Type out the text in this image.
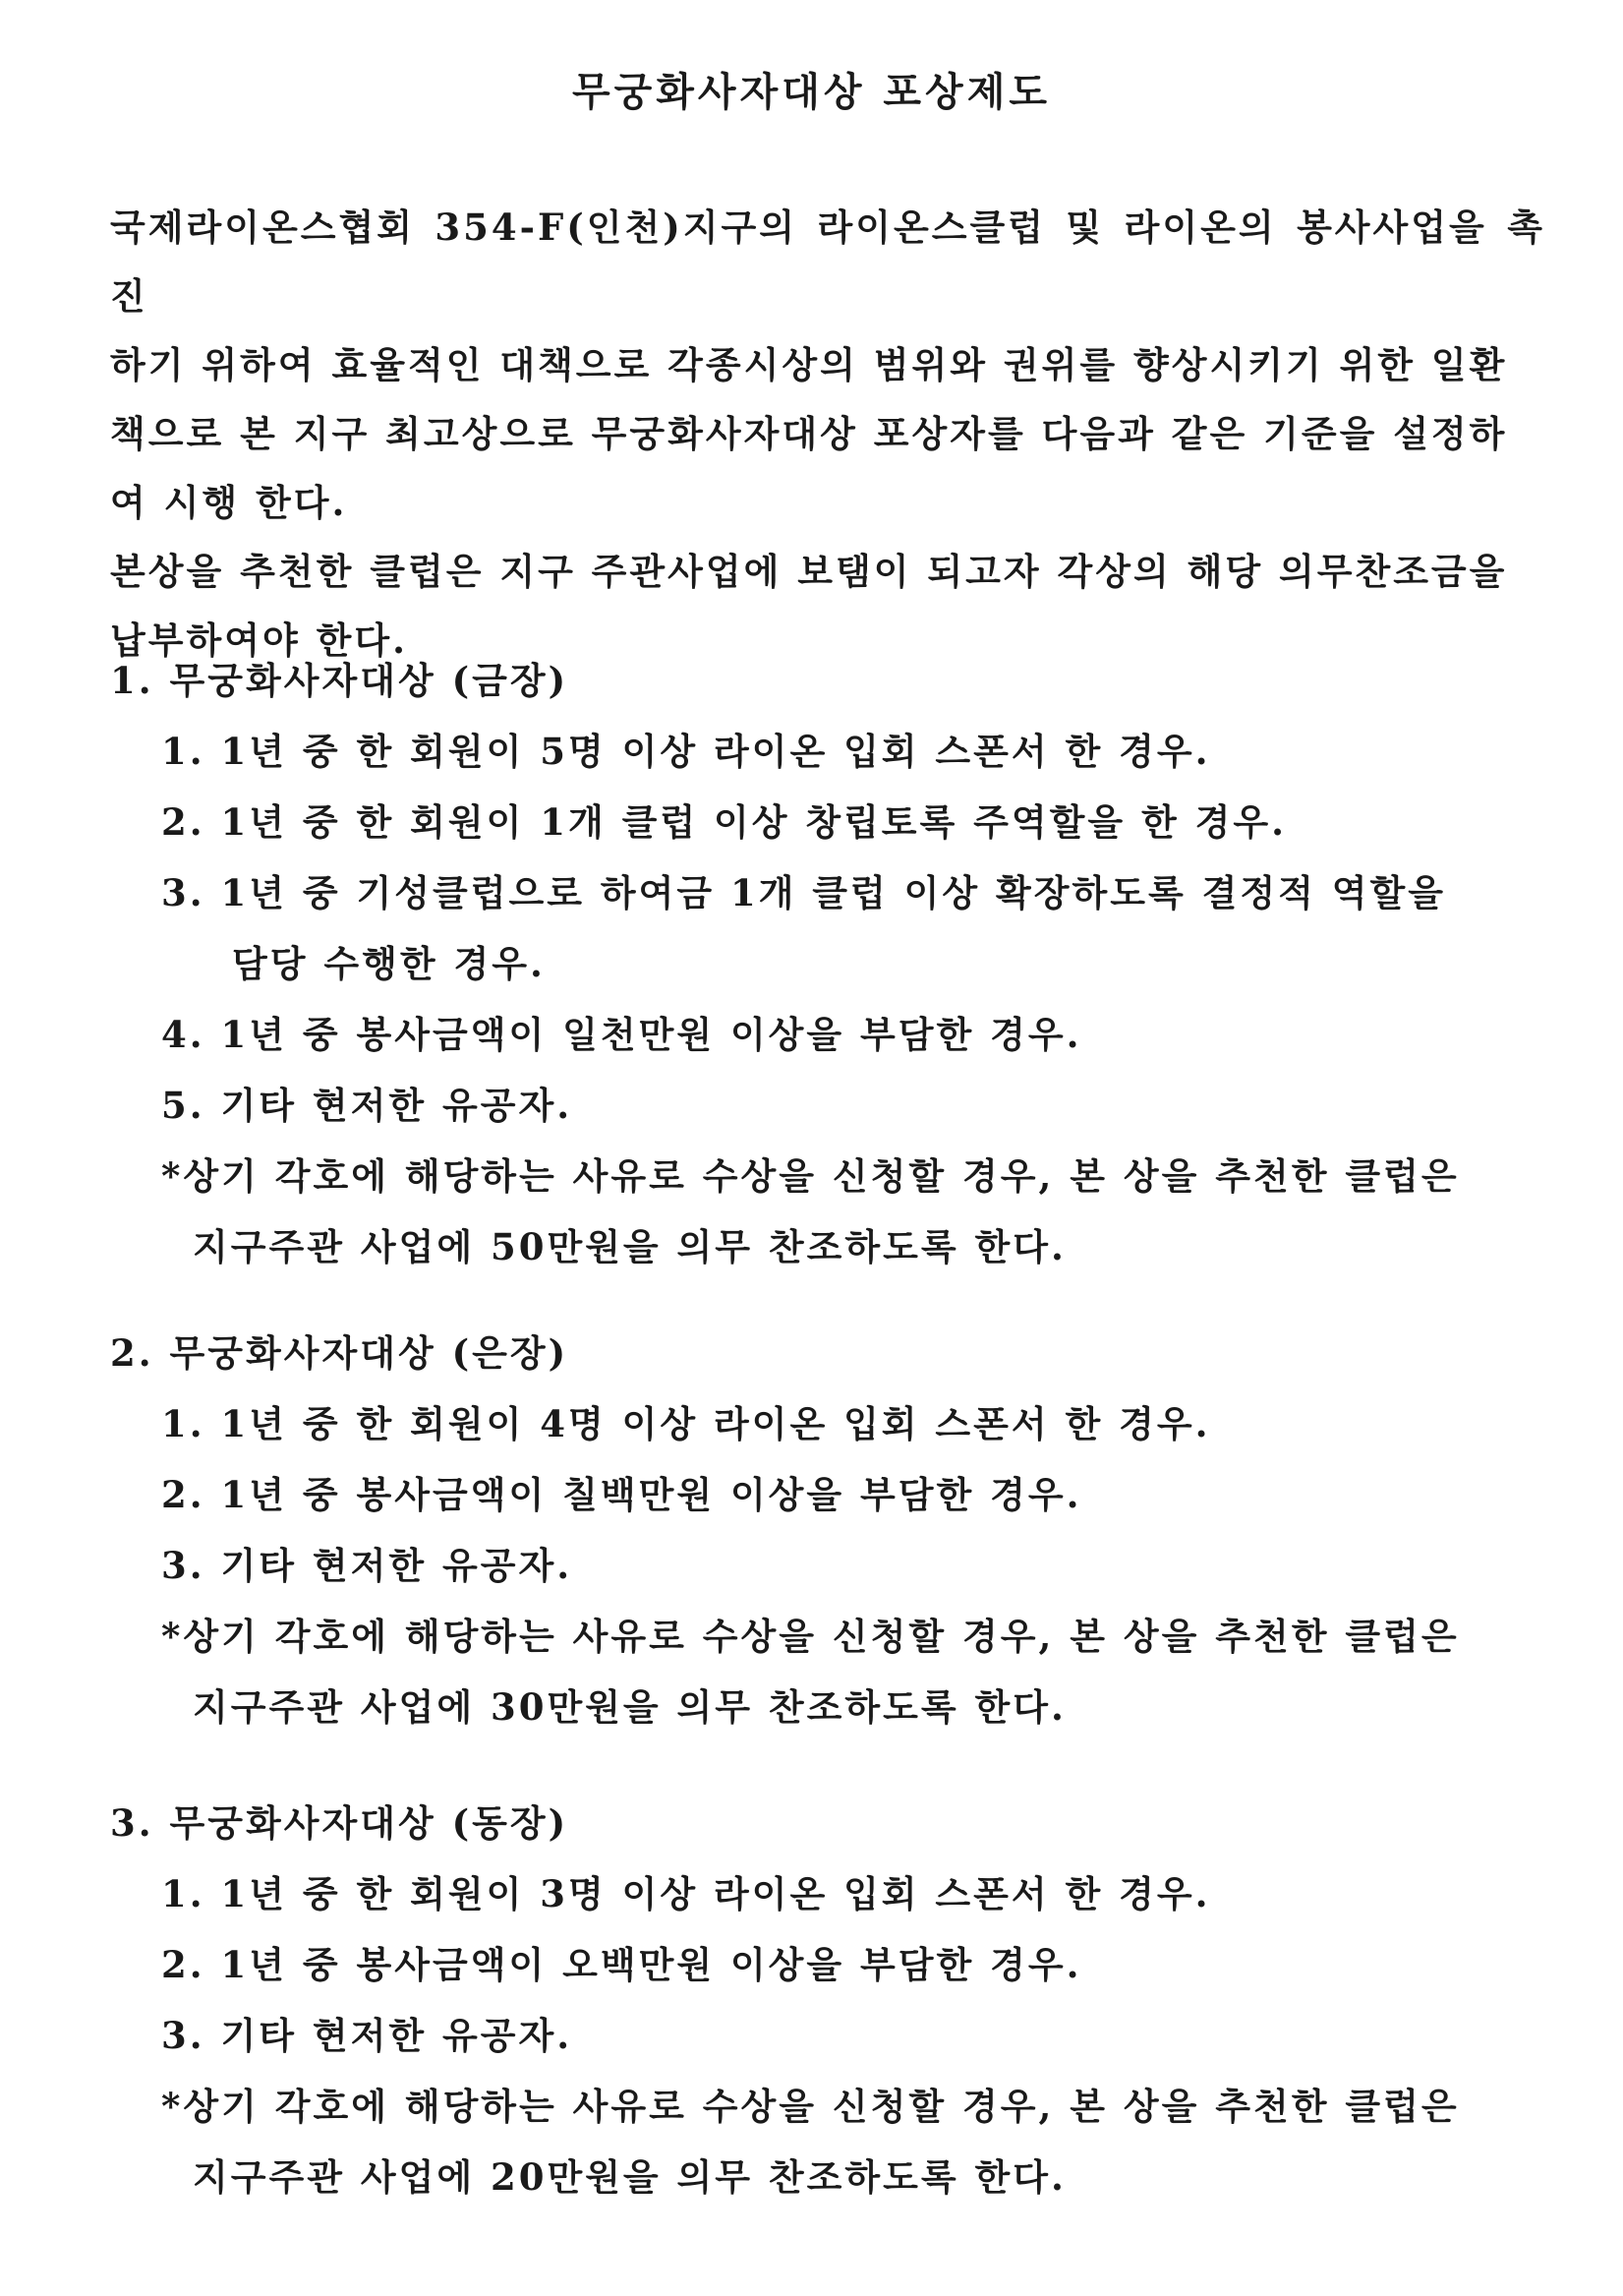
무궁화사자대상 포상제도

국제라이온스협회 354-F(인천)지구의 라이온스클럽 및 라이온의 봉사사업을 촉진

하기 위하여 효율적인 대책으로 각종시상의 범위와 권위를 향상시키기 위한 일환

책으로 본 지구 최고상으로 무궁화사자대상 포상자를 다음과 같은 기준을 설정하

여 시행 한다.

본상을 추천한 클럽은 지구 주관사업에 보탬이 되고자 각상의 해당 의무찬조금을

납부하여야 한다.

1. 무궁화사자대상 (금장)

1. 1년 중 한 회원이 5명 이상 라이온 입회 스폰서 한 경우.

2. 1년 중 한 회원이 1개 클럽 이상 창립토록 주역할을 한 경우.

3. 1년 중 기성클럽으로 하여금 1개 클럽 이상 확장하도록 결정적 역할을

담당 수행한 경우.

4. 1년 중 봉사금액이 일천만원 이상을 부담한 경우.

5. 기타 현저한 유공자.

*상기 각호에 해당하는 사유로 수상을 신청할 경우, 본 상을 추천한 클럽은

지구주관 사업에 50만원을 의무 찬조하도록 한다.

2. 무궁화사자대상 (은장)

1. 1년 중 한 회원이 4명 이상 라이온 입회 스폰서 한 경우.

2. 1년 중 봉사금액이 칠백만원 이상을 부담한 경우.

3. 기타 현저한 유공자.

*상기 각호에 해당하는 사유로 수상을 신청할 경우, 본 상을 추천한 클럽은

지구주관 사업에 30만원을 의무 찬조하도록 한다.

3. 무궁화사자대상 (동장)

1. 1년 중 한 회원이 3명 이상 라이온 입회 스폰서 한 경우.

2. 1년 중 봉사금액이 오백만원 이상을 부담한 경우.

3. 기타 현저한 유공자.

*상기 각호에 해당하는 사유로 수상을 신청할 경우, 본 상을 추천한 클럽은

지구주관 사업에 20만원을 의무 찬조하도록 한다.
